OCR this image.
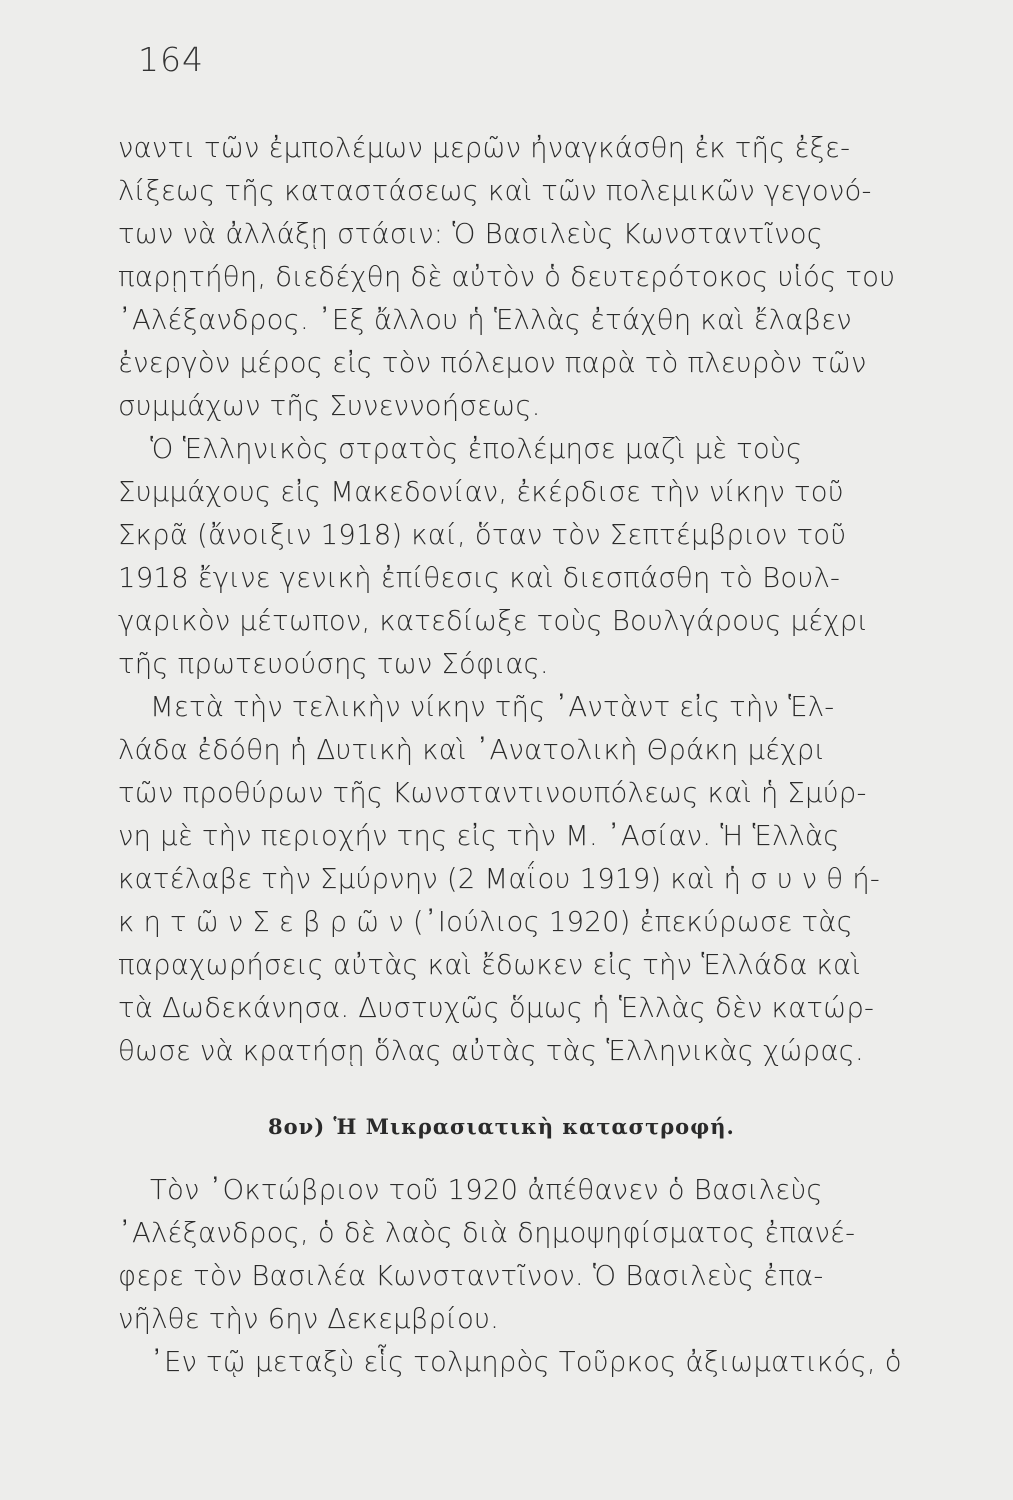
164
ναντι τῶν ἐμπολέμων μερῶν ἠναγκάσθη ἐκ τῆς ἐξε-
λίξεως τῆς καταστάσεως καὶ τῶν πολεμικῶν γεγονό-
των νὰ ἀλλάξῃ στάσιν: Ὁ Βασιλεὺς Κωνσταντῖνος
παρῃτήθη, διεδέχθη δὲ αὐτὸν ὁ δευτερότοκος υἱός του
᾿Αλέξανδρος. ᾿Εξ ἄλλου ἡ Ἑλλὰς ἐτάχθη καὶ ἔλαβεν
ἐνεργὸν μέρος εἰς τὸν πόλεμον παρὰ τὸ πλευρὸν τῶν
συμμάχων τῆς Συνεννοήσεως.
Ὁ Ἑλληνικὸς στρατὸς ἐπολέμησε μαζὶ μὲ τοὺς
Συμμάχους εἰς Μακεδονίαν, ἐκέρδισε τὴν νίκην τοῦ
Σκρᾶ (ἄνοιξιν 1918) καί, ὅταν τὸν Σεπτέμβριον τοῦ
1918 ἔγινε γενικὴ ἐπίθεσις καὶ διεσπάσθη τὸ Βουλ-
γαρικὸν μέτωπον, κατεδίωξε τοὺς Βουλγάρους μέχρι
τῆς πρωτευούσης των Σόφιας.
Μετὰ τὴν τελικὴν νίκην τῆς ᾿Αντὰντ εἰς τὴν Ἑλ-
λάδα ἐδόθη ἡ Δυτικὴ καὶ ᾿Ανατολικὴ Θράκη μέχρι
τῶν προθύρων τῆς Κωνσταντινουπόλεως καὶ ἡ Σμύρ-
νη μὲ τὴν περιοχήν της εἰς τὴν Μ. ᾿Ασίαν. Ἡ Ἑλλὰς
κατέλαβε τὴν Σμύρνην (2 Μαΐου 1919) καὶ ἡ σ υ ν θ ή-
κ η τ ῶ ν Σ ε β ρ ῶ ν (᾿Ιούλιος 1920) ἐπεκύρωσε τὰς
παραχωρήσεις αὐτὰς καὶ ἔδωκεν εἰς τὴν Ἑλλάδα καὶ
τὰ Δωδεκάνησα. Δυστυχῶς ὅμως ἡ Ἑλλὰς δὲν κατώρ-
θωσε νὰ κρατήσῃ ὅλας αὐτὰς τὰς Ἑλληνικὰς χώρας.
8ον) Ἡ Μικρασιατικὴ καταστροφή.
Τὸν ᾿Οκτώβριον τοῦ 1920 ἀπέθανεν ὁ Βασιλεὺς
᾿Αλέξανδρος, ὁ δὲ λαὸς διὰ δημοψηφίσματος ἐπανέ-
φερε τὸν Βασιλέα Κωνσταντῖνον. Ὁ Βασιλεὺς ἐπα-
νῆλθε τὴν 6ην Δεκεμβρίου.
᾿Εν τῷ μεταξὺ εἷς τολμηρὸς Τοῦρκος ἀξιωματικός, ὁ
